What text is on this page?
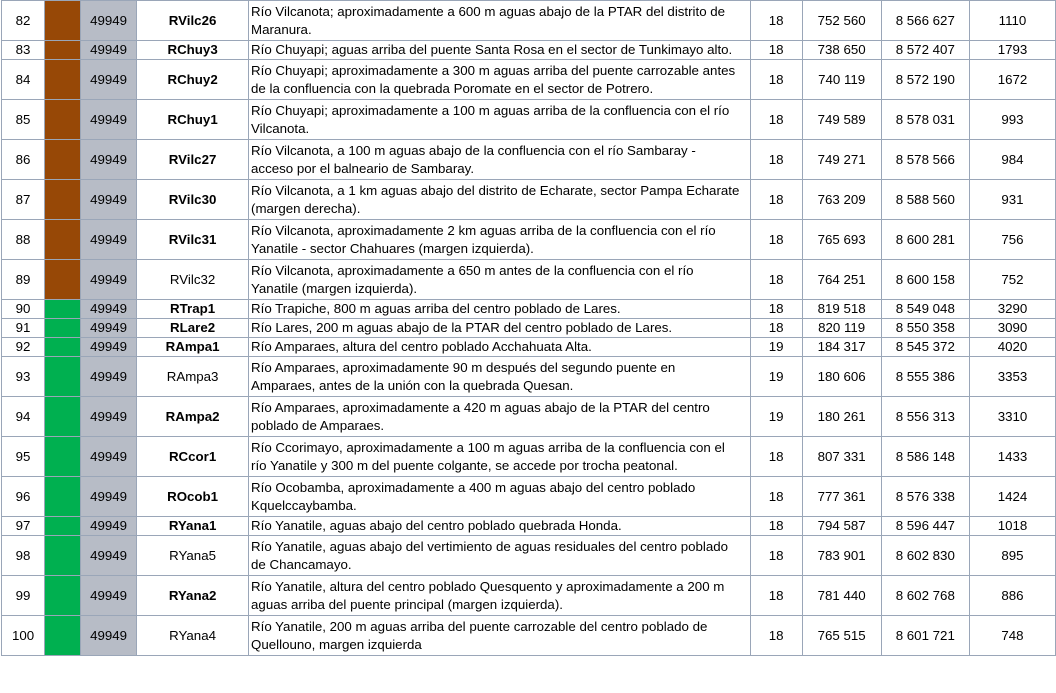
82		49949	RVilc26	Río Vilcanota; aproximadamente a 600 m aguas abajo de la PTAR del distrito de
Maranura.	18	752 560	8 566 627	1110
83		49949	RChuy3	Río Chuyapi; aguas arriba del puente Santa Rosa en el sector de Tunkimayo alto.	18	738 650	8 572 407	1793
84		49949	RChuy2	Río Chuyapi; aproximadamente a 300 m aguas arriba del puente carrozable antes
de la confluencia con la quebrada Poromate en el sector de Potrero.	18	740 119	8 572 190	1672
85		49949	RChuy1	Río Chuyapi; aproximadamente a 100 m aguas arriba de la confluencia con el río
Vilcanota.	18	749 589	8 578 031	993
86		49949	RVilc27	Río Vilcanota, a 100 m aguas abajo de la confluencia con el río Sambaray -
acceso por el balneario de Sambaray.	18	749 271	8 578 566	984
87		49949	RVilc30	Río Vilcanota, a 1 km aguas abajo del distrito de Echarate, sector Pampa Echarate
(margen derecha).	18	763 209	8 588 560	931
88		49949	RVilc31	Río Vilcanota, aproximadamente 2 km aguas arriba de la confluencia con el río
Yanatile - sector Chahuares (margen izquierda).	18	765 693	8 600 281	756
89		49949	RVilc32	Río Vilcanota, aproximadamente a 650 m antes de la confluencia con el río
Yanatile (margen izquierda).	18	764 251	8 600 158	752
90		49949	RTrap1	Río Trapiche, 800 m aguas arriba del centro poblado de Lares.	18	819 518	8 549 048	3290
91		49949	RLare2	Río Lares, 200 m aguas abajo de la PTAR del centro poblado de Lares.	18	820 119	8 550 358	3090
92		49949	RAmpa1	Río Amparaes, altura del centro poblado Acchahuata Alta.	19	184 317	8 545 372	4020
93		49949	RAmpa3	Río Amparaes, aproximadamente 90 m después del segundo puente en
Amparaes, antes de la unión con la quebrada Quesan.	19	180 606	8 555 386	3353
94		49949	RAmpa2	Río Amparaes, aproximadamente a 420 m aguas abajo de la PTAR del centro
poblado de Amparaes.	19	180 261	8 556 313	3310
95		49949	RCcor1	Río Ccorimayo, aproximadamente a 100 m aguas arriba de la confluencia con el
río Yanatile y 300 m del puente colgante, se accede por trocha peatonal.	18	807 331	8 586 148	1433
96		49949	ROcob1	Río Ocobamba, aproximadamente a 400 m aguas abajo del centro poblado
Kquelccaybamba.	18	777 361	8 576 338	1424
97		49949	RYana1	Río Yanatile, aguas abajo del centro poblado quebrada Honda.	18	794 587	8 596 447	1018
98		49949	RYana5	Río Yanatile, aguas abajo del vertimiento de aguas residuales del centro poblado
de Chancamayo.	18	783 901	8 602 830	895
99		49949	RYana2	Río Yanatile, altura del centro poblado Quesquento y aproximadamente a 200 m
aguas arriba del puente principal (margen izquierda).	18	781 440	8 602 768	886
100		49949	RYana4	Río Yanatile, 200 m aguas arriba del puente carrozable del centro poblado de
Quellouno, margen izquierda	18	765 515	8 601 721	748
